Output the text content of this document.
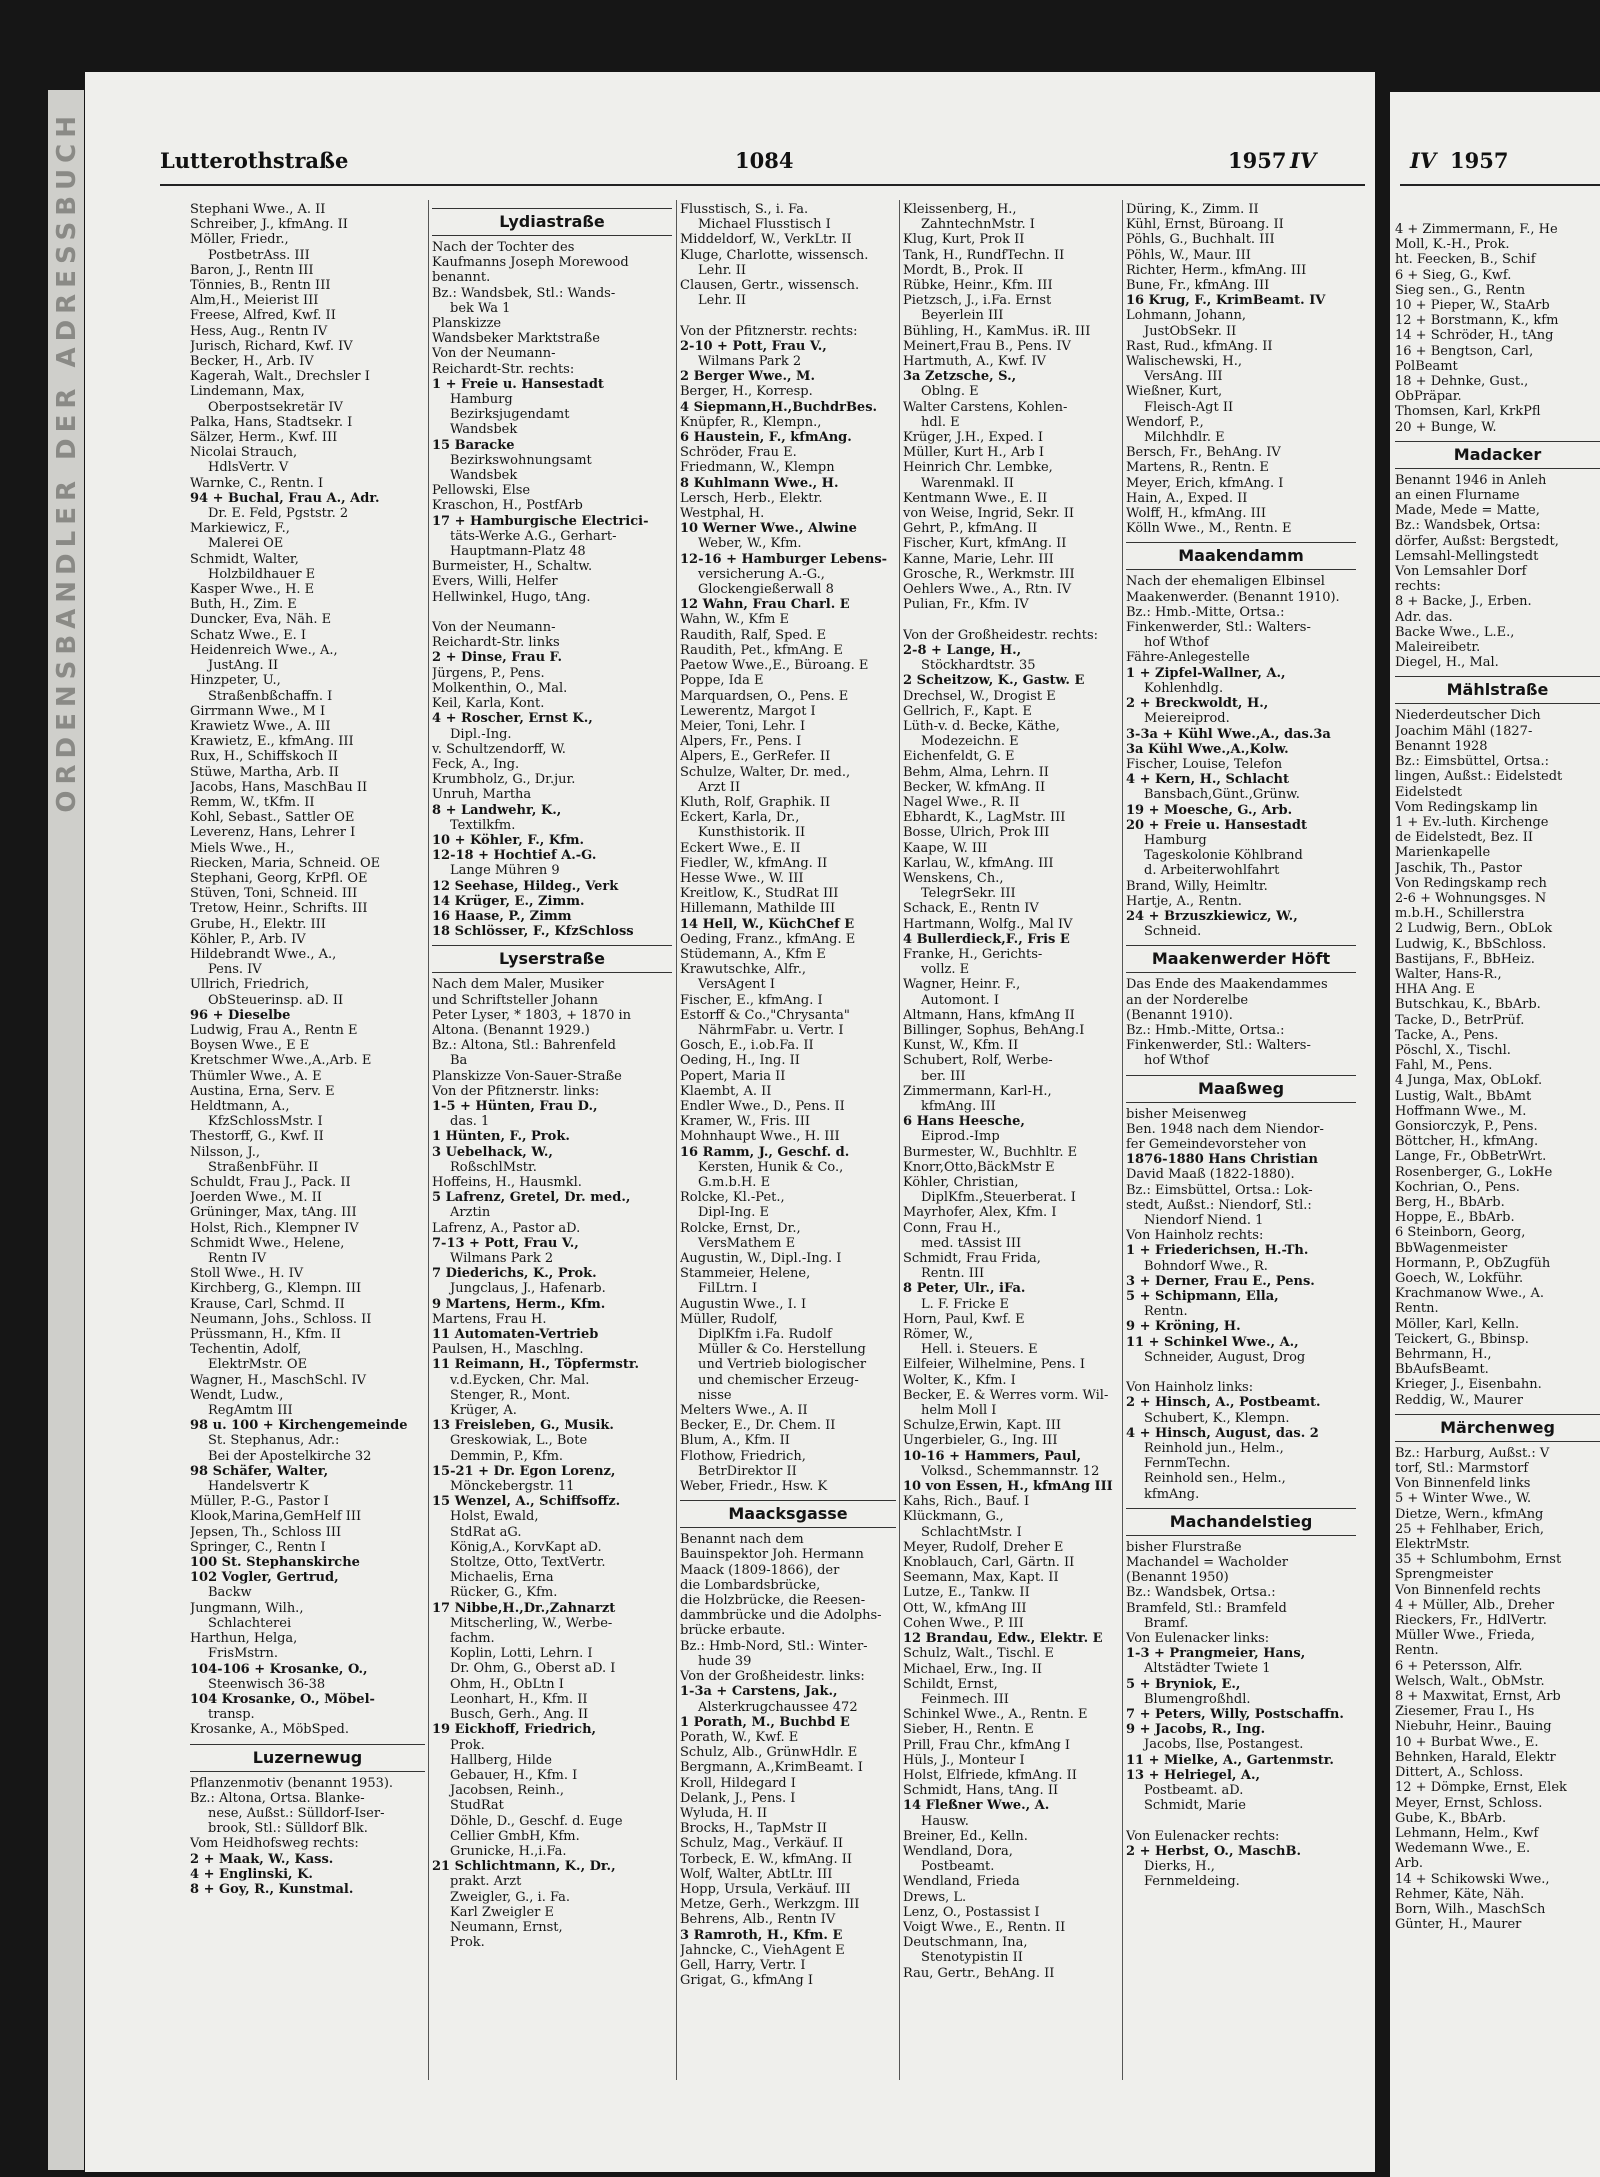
ORDENSBANDLER DER ADRESSBUCH	Lutterothstraße	1084	1957 IV	IV 1957
Stephani Wwe., A. II
Schreiber, J., kfmAng. II
Möller, Friedr.,
PostbetrAss. III
Baron, J., Rentn III
Tönnies, B., Rentn III
Alm,H., Meierist III
Freese, Alfred, Kwf. II
Hess, Aug., Rentn IV
Jurisch, Richard, Kwf. IV
Becker, H., Arb. IV
Kagerah, Walt., Drechsler I
Lindemann, Max,
Oberpostsekretär IV
Palka, Hans, Stadtsekr. I
Sälzer, Herm., Kwf. III
Nicolai Strauch,
HdlsVertr. V
Warnke, C., Rentn. I
94 + Buchal, Frau A., Adr.
Dr. E. Feld, Pgststr. 2
Markiewicz, F.,
Malerei OE
Schmidt, Walter,
Holzbildhauer E
Kasper Wwe., H. E
Buth, H., Zim. E
Duncker, Eva, Näh. E
Schatz Wwe., E. I
Heidenreich Wwe., A.,
JustAng. II
Hinzpeter, U.,
Straßenbßchaffn. I
Girrmann Wwe., M I
Krawietz Wwe., A. III
Krawietz, E., kfmAng. III
Rux, H., Schiffskoch II
Stüwe, Martha, Arb. II
Jacobs, Hans, MaschBau II
Remm, W., tKfm. II
Kohl, Sebast., Sattler OE
Leverenz, Hans, Lehrer I
Miels Wwe., H.,
Riecken, Maria, Schneid. OE
Stephani, Georg, KrPfl. OE
Stüven, Toni, Schneid. III
Tretow, Heinr., Schrifts. III
Grube, H., Elektr. III
Köhler, P., Arb. IV
Hildebrandt Wwe., A.,
Pens. IV
Ullrich, Friedrich,
ObSteuerinsp. aD. II
96 + Dieselbe
Ludwig, Frau A., Rentn E
Boysen Wwe., E E
Kretschmer Wwe.,A.,Arb. E
Thümler Wwe., A. E
Austina, Erna, Serv. E
Heldtmann, A.,
KfzSchlossMstr. I
Thestorff, G., Kwf. II
Nilsson, J.,
StraßenbFühr. II
Schuldt, Frau J., Pack. II
Joerden Wwe., M. II
Grüninger, Max, tAng. III
Holst, Rich., Klempner IV
Schmidt Wwe., Helene,
Rentn IV
Stoll Wwe., H. IV
Kirchberg, G., Klempn. III
Krause, Carl, Schmd. II
Neumann, Johs., Schloss. II
Prüssmann, H., Kfm. II
Techentin, Adolf,
ElektrMstr. OE
Wagner, H., MaschSchl. IV
Wendt, Ludw.,
RegAmtm III
98 u. 100 + Kirchengemeinde
St. Stephanus, Adr.:
Bei der Apostelkirche 32
98 Schäfer, Walter,
Handelsvertr K
Müller, P.-G., Pastor I
Klook,Marina,GemHelf III
Jepsen, Th., Schloss III
Springer, C., Rentn I
100 St. Stephanskirche
102 Vogler, Gertrud,
Backw
Jungmann, Wilh.,
Schlachterei
Harthun, Helga,
FrisMstrn.
104-106 + Krosanke, O.,
Steenwisch 36-38
104 Krosanke, O., Möbel-
transp.
Krosanke, A., MöbSped.
Luzernewug
Pflanzenmotiv (benannt 1953).
Bz.: Altona, Ortsa. Blanke-
nese, Außst.: Sülldorf-Iser-
brook, Stl.: Sülldorf Blk.
Vom Heidhofsweg rechts:
2 + Maak, W., Kass.
4 + Englinski, K.
8 + Goy, R., Kunstmal.
Lydiastraße
Nach der Tochter des
Kaufmanns Joseph Morewood
benannt.
Bz.: Wandsbek, Stl.: Wands-
bek Wa 1
Planskizze
Wandsbeker Marktstraße
Von der Neumann-
Reichardt-Str. rechts:
1 + Freie u. Hansestadt
Hamburg
Bezirksjugendamt
Wandsbek
15 Baracke
Bezirkswohnungsamt
Wandsbek
Pellowski, Else
Kraschon, H., PostfArb
17 + Hamburgische Electrici-
täts-Werke A.G., Gerhart-
Hauptmann-Platz 48
Burmeister, H., Schaltw.
Evers, Willi, Helfer
Hellwinkel, Hugo, tAng.

Von der Neumann-
Reichardt-Str. links
2 + Dinse, Frau F.
Jürgens, P., Pens.
Molkenthin, O., Mal.
Keil, Karla, Kont.
4 + Roscher, Ernst K.,
Dipl.-Ing.
v. Schultzendorff, W.
Feck, A., Ing.
Krumbholz, G., Dr.jur.
Unruh, Martha
8 + Landwehr, K.,
Textilkfm.
10 + Köhler, F., Kfm.
12-18 + Hochtief A.-G.
Lange Mühren 9
12 Seehase, Hildeg., Verk
14 Krüger, E., Zimm.
16 Haase, P., Zimm
18 Schlösser, F., KfzSchloss
Lyserstraße
Nach dem Maler, Musiker
und Schriftsteller Johann
Peter Lyser, * 1803, + 1870 in
Altona. (Benannt 1929.)
Bz.: Altona, Stl.: Bahrenfeld
Ba
Planskizze Von-Sauer-Straße
Von der Pfitznerstr. links:
1-5 + Hünten, Frau D.,
das. 1
1 Hünten, F., Prok.
3 Uebelhack, W.,
RoßschlMstr.
Hoffeins, H., Hausmkl.
5 Lafrenz, Gretel, Dr. med.,
Arztin
Lafrenz, A., Pastor aD.
7-13 + Pott, Frau V.,
Wilmans Park 2
7 Diederichs, K., Prok.
Jungclaus, J., Hafenarb.
9 Martens, Herm., Kfm.
Martens, Frau H.
11 Automaten-Vertrieb
Paulsen, H., Maschlng.
11 Reimann, H., Töpfermstr.
v.d.Eycken, Chr. Mal.
Stenger, R., Mont.
Krüger, A.
13 Freisleben, G., Musik.
Greskowiak, L., Bote
Demmin, P., Kfm.
15-21 + Dr. Egon Lorenz,
Mönckebergstr. 11
15 Wenzel, A., Schiffsoffz.
Holst, Ewald,
StdRat aG.
König,A., KorvKapt aD.
Stoltze, Otto, TextVertr.
Michaelis, Erna
Rücker, G., Kfm.
17 Nibbe,H.,Dr.,Zahnarzt
Mitscherling, W., Werbe-
fachm.
Koplin, Lotti, Lehrn. I
Dr. Ohm, G., Oberst aD. I
Ohm, H., ObLtn I
Leonhart, H., Kfm. II
Busch, Gerh., Ang. II
19 Eickhoff, Friedrich,
Prok.
Hallberg, Hilde
Gebauer, H., Kfm. I
Jacobsen, Reinh.,
StudRat
Döhle, D., Geschf. d. Euge
Cellier GmbH, Kfm.
Grunicke, H.,i.Fa.
21 Schlichtmann, K., Dr.,
prakt. Arzt
Zweigler, G., i. Fa.
Karl Zweigler E
Neumann, Ernst,
Prok.
Flusstisch, S., i. Fa.
Michael Flusstisch I
Middeldorf, W., VerkLtr. II
Kluge, Charlotte, wissensch.
Lehr. II
Clausen, Gertr., wissensch.
Lehr. II

Von der Pfitznerstr. rechts:
2-10 + Pott, Frau V.,
Wilmans Park 2
2 Berger Wwe., M.
Berger, H., Korresp.
4 Siepmann,H.,BuchdrBes.
Knüpfer, R., Klempn.,
6 Haustein, F., kfmAng.
Schröder, Frau E.
Friedmann, W., Klempn
8 Kuhlmann Wwe., H.
Lersch, Herb., Elektr.
Westphal, H.
10 Werner Wwe., Alwine
Weber, W., Kfm.
12-16 + Hamburger Lebens-
versicherung A.-G.,
Glockengießerwall 8
12 Wahn, Frau Charl. E
Wahn, W., Kfm E
Raudith, Ralf, Sped. E
Raudith, Pet., kfmAng. E
Paetow Wwe.,E., Büroang. E
Poppe, Ida E
Marquardsen, O., Pens. E
Lewerentz, Margot I
Meier, Toni, Lehr. I
Alpers, Fr., Pens. I
Alpers, E., GerRefer. II
Schulze, Walter, Dr. med.,
Arzt II
Kluth, Rolf, Graphik. II
Eckert, Karla, Dr.,
Kunsthistorik. II
Eckert Wwe., E. II
Fiedler, W., kfmAng. II
Hesse Wwe., W. III
Kreitlow, K., StudRat III
Hillemann, Mathilde III
14 Hell, W., KüchChef E
Oeding, Franz., kfmAng. E
Stüdemann, A., Kfm E
Krawutschke, Alfr.,
VersAgent I
Fischer, E., kfmAng. I
Estorff & Co.,"Chrysanta"
NährmFabr. u. Vertr. I
Gosch, E., i.ob.Fa. II
Oeding, H., Ing. II
Popert, Maria II
Klaembt, A. II
Endler Wwe., D., Pens. II
Kramer, W., Fris. III
Mohnhaupt Wwe., H. III
16 Ramm, J., Geschf. d.
Kersten, Hunik & Co.,
G.m.b.H. E
Rolcke, Kl.-Pet.,
Dipl-Ing. E
Rolcke, Ernst, Dr.,
VersMathem E
Augustin, W., Dipl.-Ing. I
Stammeier, Helene,
FilLtrn. I
Augustin Wwe., I. I
Müller, Rudolf,
DiplKfm i.Fa. Rudolf
Müller & Co. Herstellung
und Vertrieb biologischer
und chemischer Erzeug-
nisse
Melters Wwe., A. II
Becker, E., Dr. Chem. II
Blum, A., Kfm. II
Flothow, Friedrich,
BetrDirektor II
Weber, Friedr., Hsw. K
Maacksgasse
Benannt nach dem
Bauinspektor Joh. Hermann
Maack (1809-1866), der
die Lombardsbrücke,
die Holzbrücke, die Reesen-
dammbrücke und die Adolphs-
brücke erbaute.
Bz.: Hmb-Nord, Stl.: Winter-
hude 39
Von der Großheidestr. links:
1-3a + Carstens, Jak.,
Alsterkrugchaussee 472
1 Porath, M., Buchbd E
Porath, W., Kwf. E
Schulz, Alb., GrünwHdlr. E
Bergmann, A.,KrimBeamt. I
Kroll, Hildegard I
Delank, J., Pens. I
Wyluda, H. II
Brocks, H., TapMstr II
Schulz, Mag., Verkäuf. II
Torbeck, E. W., kfmAng. II
Wolf, Walter, AbtLtr. III
Hopp, Ursula, Verkäuf. III
Metze, Gerh., Werkzgm. III
Behrens, Alb., Rentn IV
3 Ramroth, H., Kfm. E
Jahncke, C., ViehAgent E
Gell, Harry, Vertr. I
Grigat, G., kfmAng I
Kleissenberg, H.,
ZahntechnMstr. I
Klug, Kurt, Prok II
Tank, H., RundfTechn. II
Mordt, B., Prok. II
Rübke, Heinr., Kfm. III
Pietzsch, J., i.Fa. Ernst
Beyerlein III
Bühling, H., KamMus. iR. III
Meinert,Frau B., Pens. IV
Hartmuth, A., Kwf. IV
3a Zetzsche, S.,
Oblng. E
Walter Carstens, Kohlen-
hdl. E
Krüger, J.H., Exped. I
Müller, Kurt H., Arb I
Heinrich Chr. Lembke,
Warenmakl. II
Kentmann Wwe., E. II
von Weise, Ingrid, Sekr. II
Gehrt, P., kfmAng. II
Fischer, Kurt, kfmAng. II
Kanne, Marie, Lehr. III
Grosche, R., Werkmstr. III
Oehlers Wwe., A., Rtn. IV
Pulian, Fr., Kfm. IV

Von der Großheidestr. rechts:
2-8 + Lange, H.,
Stöckhardtstr. 35
2 Scheitzow, K., Gastw. E
Drechsel, W., Drogist E
Gellrich, F., Kapt. E
Lüth-v. d. Becke, Käthe,
Modezeichn. E
Eichenfeldt, G. E
Behm, Alma, Lehrn. II
Becker, W. kfmAng. II
Nagel Wwe., R. II
Ebhardt, K., LagMstr. III
Bosse, Ulrich, Prok III
Kaape, W. III
Karlau, W., kfmAng. III
Wenskens, Ch.,
TelegrSekr. III
Schack, E., Rentn IV
Hartmann, Wolfg., Mal IV
4 Bullerdieck,F., Fris E
Franke, H., Gerichts-
vollz. E
Wagner, Heinr. F.,
Automont. I
Altmann, Hans, kfmAng II
Billinger, Sophus, BehAng.I
Kunst, W., Kfm. II
Schubert, Rolf, Werbe-
ber. III
Zimmermann, Karl-H.,
kfmAng. III
6 Hans Heesche,
Eiprod.-Imp
Burmester, W., Buchhltr. E
Knorr,Otto,BäckMstr E
Köhler, Christian,
DiplKfm.,Steuerberat. I
Mayrhofer, Alex, Kfm. I
Conn, Frau H.,
med. tAssist III
Schmidt, Frau Frida,
Rentn. III
8 Peter, Ulr., iFa.
L. F. Fricke E
Horn, Paul, Kwf. E
Römer, W.,
Hell. i. Steuers. E
Eilfeier, Wilhelmine, Pens. I
Wolter, K., Kfm. I
Becker, E. & Werres vorm. Wil-
helm Moll I
Schulze,Erwin, Kapt. III
Ungerbieler, G., Ing. III
10-16 + Hammers, Paul,
Volksd., Schemmannstr. 12
10 von Essen, H., kfmAng III
Kahs, Rich., Bauf. I
Klückmann, G.,
SchlachtMstr. I
Meyer, Rudolf, Dreher E
Knoblauch, Carl, Gärtn. II
Seemann, Max, Kapt. II
Lutze, E., Tankw. II
Ott, W., kfmAng III
Cohen Wwe., P. III
12 Brandau, Edw., Elektr. E
Schulz, Walt., Tischl. E
Michael, Erw., Ing. II
Schildt, Ernst,
Feinmech. III
Schinkel Wwe., A., Rentn. E
Sieber, H., Rentn. E
Prill, Frau Chr., kfmAng I
Hüls, J., Monteur I
Holst, Elfriede, kfmAng. II
Schmidt, Hans, tAng. II
14 Fleßner Wwe., A.
Hausw.
Breiner, Ed., Kelln.
Wendland, Dora,
Postbeamt.
Wendland, Frieda
Drews, L.
Lenz, O., Postassist I
Voigt Wwe., E., Rentn. II
Deutschmann, Ina,
Stenotypistin II
Rau, Gertr., BehAng. II
Düring, K., Zimm. II
Kühl, Ernst, Büroang. II
Pöhls, G., Buchhalt. III
Pöhls, W., Maur. III
Richter, Herm., kfmAng. III
Bune, Fr., kfmAng. III
16 Krug, F., KrimBeamt. IV
Lohmann, Johann,
JustObSekr. II
Rast, Rud., kfmAng. II
Walischewski, H.,
VersAng. III
Wießner, Kurt,
Fleisch-Agt II
Wendorf, P.,
Milchhdlr. E
Bersch, Fr., BehAng. IV
Martens, R., Rentn. E
Meyer, Erich, kfmAng. I
Hain, A., Exped. II
Wolff, H., kfmAng. III
Kölln Wwe., M., Rentn. E
Maakendamm
Nach der ehemaligen Elbinsel
Maakenwerder. (Benannt 1910).
Bz.: Hmb.-Mitte, Ortsa.:
Finkenwerder, Stl.: Walters-
hof Wthof
Fähre-Anlegestelle
1 + Zipfel-Wallner, A.,
Kohlenhdlg.
2 + Breckwoldt, H.,
Meiereiprod.
3-3a + Kühl Wwe.,A., das.3a
3a Kühl Wwe.,A.,Kolw.
Fischer, Louise, Telefon
4 + Kern, H., Schlacht
Bansbach,Günt.,Grünw.
19 + Moesche, G., Arb.
20 + Freie u. Hansestadt
Hamburg
Tageskolonie Köhlbrand
d. Arbeiterwohlfahrt
Brand, Willy, Heimltr.
Hartje, A., Rentn.
24 + Brzuszkiewicz, W.,
Schneid.
Maakenwerder Höft
Das Ende des Maakendammes
an der Norderelbe
(Benannt 1910).
Bz.: Hmb.-Mitte, Ortsa.:
Finkenwerder, Stl.: Walters-
hof Wthof
Maaßweg
bisher Meisenweg
Ben. 1948 nach dem Niendor-
fer Gemeindevorsteher von
1876-1880 Hans Christian
David Maaß (1822-1880).
Bz.: Eimsbüttel, Ortsa.: Lok-
stedt, Außst.: Niendorf, Stl.:
Niendorf Niend. 1
Von Hainholz rechts:
1 + Friederichsen, H.-Th.
Bohndorf Wwe., R.
3 + Derner, Frau E., Pens.
5 + Schipmann, Ella,
Rentn.
9 + Kröning, H.
11 + Schinkel Wwe., A.,
Schneider, August, Drog

Von Hainholz links:
2 + Hinsch, A., Postbeamt.
Schubert, K., Klempn.
4 + Hinsch, August, das. 2
Reinhold jun., Helm.,
FernmTechn.
Reinhold sen., Helm.,
kfmAng.
Machandelstieg
bisher Flurstraße
Machandel = Wacholder
(Benannt 1950)
Bz.: Wandsbek, Ortsa.:
Bramfeld, Stl.: Bramfeld
Bramf.
Von Eulenacker links:
1-3 + Prangmeier, Hans,
Altstädter Twiete 1
5 + Bryniok, E.,
Blumengroßhdl.
7 + Peters, Willy, Postschaffn.
9 + Jacobs, R., Ing.
Jacobs, Ilse, Postangest.
11 + Mielke, A., Gartenmstr.
13 + Helriegel, A.,
Postbeamt. aD.
Schmidt, Marie

Von Eulenacker rechts:
2 + Herbst, O., MaschB.
Dierks, H.,
Fernmeldeing.
4 + Zimmermann, F., He
Moll, K.-H., Prok.
ht. Feecken, B., Schif
6 + Sieg, G., Kwf.
Sieg sen., G., Rentn
10 + Pieper, W., StaArb
12 + Borstmann, K., kfm
14 + Schröder, H., tAng
16 + Bengtson, Carl,
PolBeamt
18 + Dehnke, Gust.,
ObPräpar.
Thomsen, Karl, KrkPfl
20 + Bunge, W.
Madacker
Benannt 1946 in Anleh
an einen Flurname
Made, Mede = Matte,
Bz.: Wandsbek, Ortsa:
dörfer, Außst: Bergstedt,
Lemsahl-Mellingstedt
Von Lemsahler Dorf
rechts:
8 + Backe, J., Erben.
Adr. das.
Backe Wwe., L.E.,
Maleireibetr.
Diegel, H., Mal.
Mählstraße
Niederdeutscher Dich
Joachim Mähl (1827-
Benannt 1928
Bz.: Eimsbüttel, Ortsa.:
lingen, Außst.: Eidelstedt
Eidelstedt
Vom Redingskamp lin
1 + Ev.-luth. Kirchenge
de Eidelstedt, Bez. II
Marienkapelle
Jaschik, Th., Pastor
Von Redingskamp rech
2-6 + Wohnungsges. N
m.b.H., Schillerstra
2 Ludwig, Bern., ObLok
Ludwig, K., BbSchloss.
Bastijans, F., BbHeiz.
Walter, Hans-R.,
HHA Ang. E
Butschkau, K., BbArb.
Tacke, D., BetrPrüf.
Tacke, A., Pens.
Pöschl, X., Tischl.
Fahl, M., Pens.
4 Junga, Max, ObLokf.
Lustig, Walt., BbAmt
Hoffmann Wwe., M.
Gonsiorczyk, P., Pens.
Böttcher, H., kfmAng.
Lange, Fr., ObBetrWrt.
Rosenberger, G., LokHe
Kochrian, O., Pens.
Berg, H., BbArb.
Hoppe, E., BbArb.
6 Steinborn, Georg,
BbWagenmeister
Hormann, P., ObZugfüh
Goech, W., Lokführ.
Krachmanow Wwe., A.
Rentn.
Möller, Karl, Kelln.
Teickert, G., Bbinsp.
Behrmann, H.,
BbAufsBeamt.
Krieger, J., Eisenbahn.
Reddig, W., Maurer
Märchenweg
Bz.: Harburg, Außst.: V
torf, Stl.: Marmstorf
Von Binnenfeld links
5 + Winter Wwe., W.
Dietze, Wern., kfmAng
25 + Fehlhaber, Erich,
ElektrMstr.
35 + Schlumbohm, Ernst
Sprengmeister
Von Binnenfeld rechts
4 + Müller, Alb., Dreher
Rieckers, Fr., HdlVertr.
Müller Wwe., Frieda,
Rentn.
6 + Petersson, Alfr.
Welsch, Walt., ObMstr.
8 + Maxwitat, Ernst, Arb
Ziesemer, Frau I., Hs
Niebuhr, Heinr., Bauing
10 + Burbat Wwe., E.
Behnken, Harald, Elektr
Dittert, A., Schloss.
12 + Dömpke, Ernst, Elek
Meyer, Ernst, Schloss.
Gube, K., BbArb.
Lehmann, Helm., Kwf
Wedemann Wwe., E.
Arb.
14 + Schikowski Wwe.,
Rehmer, Käte, Näh.
Born, Wilh., MaschSch
Günter, H., Maurer
